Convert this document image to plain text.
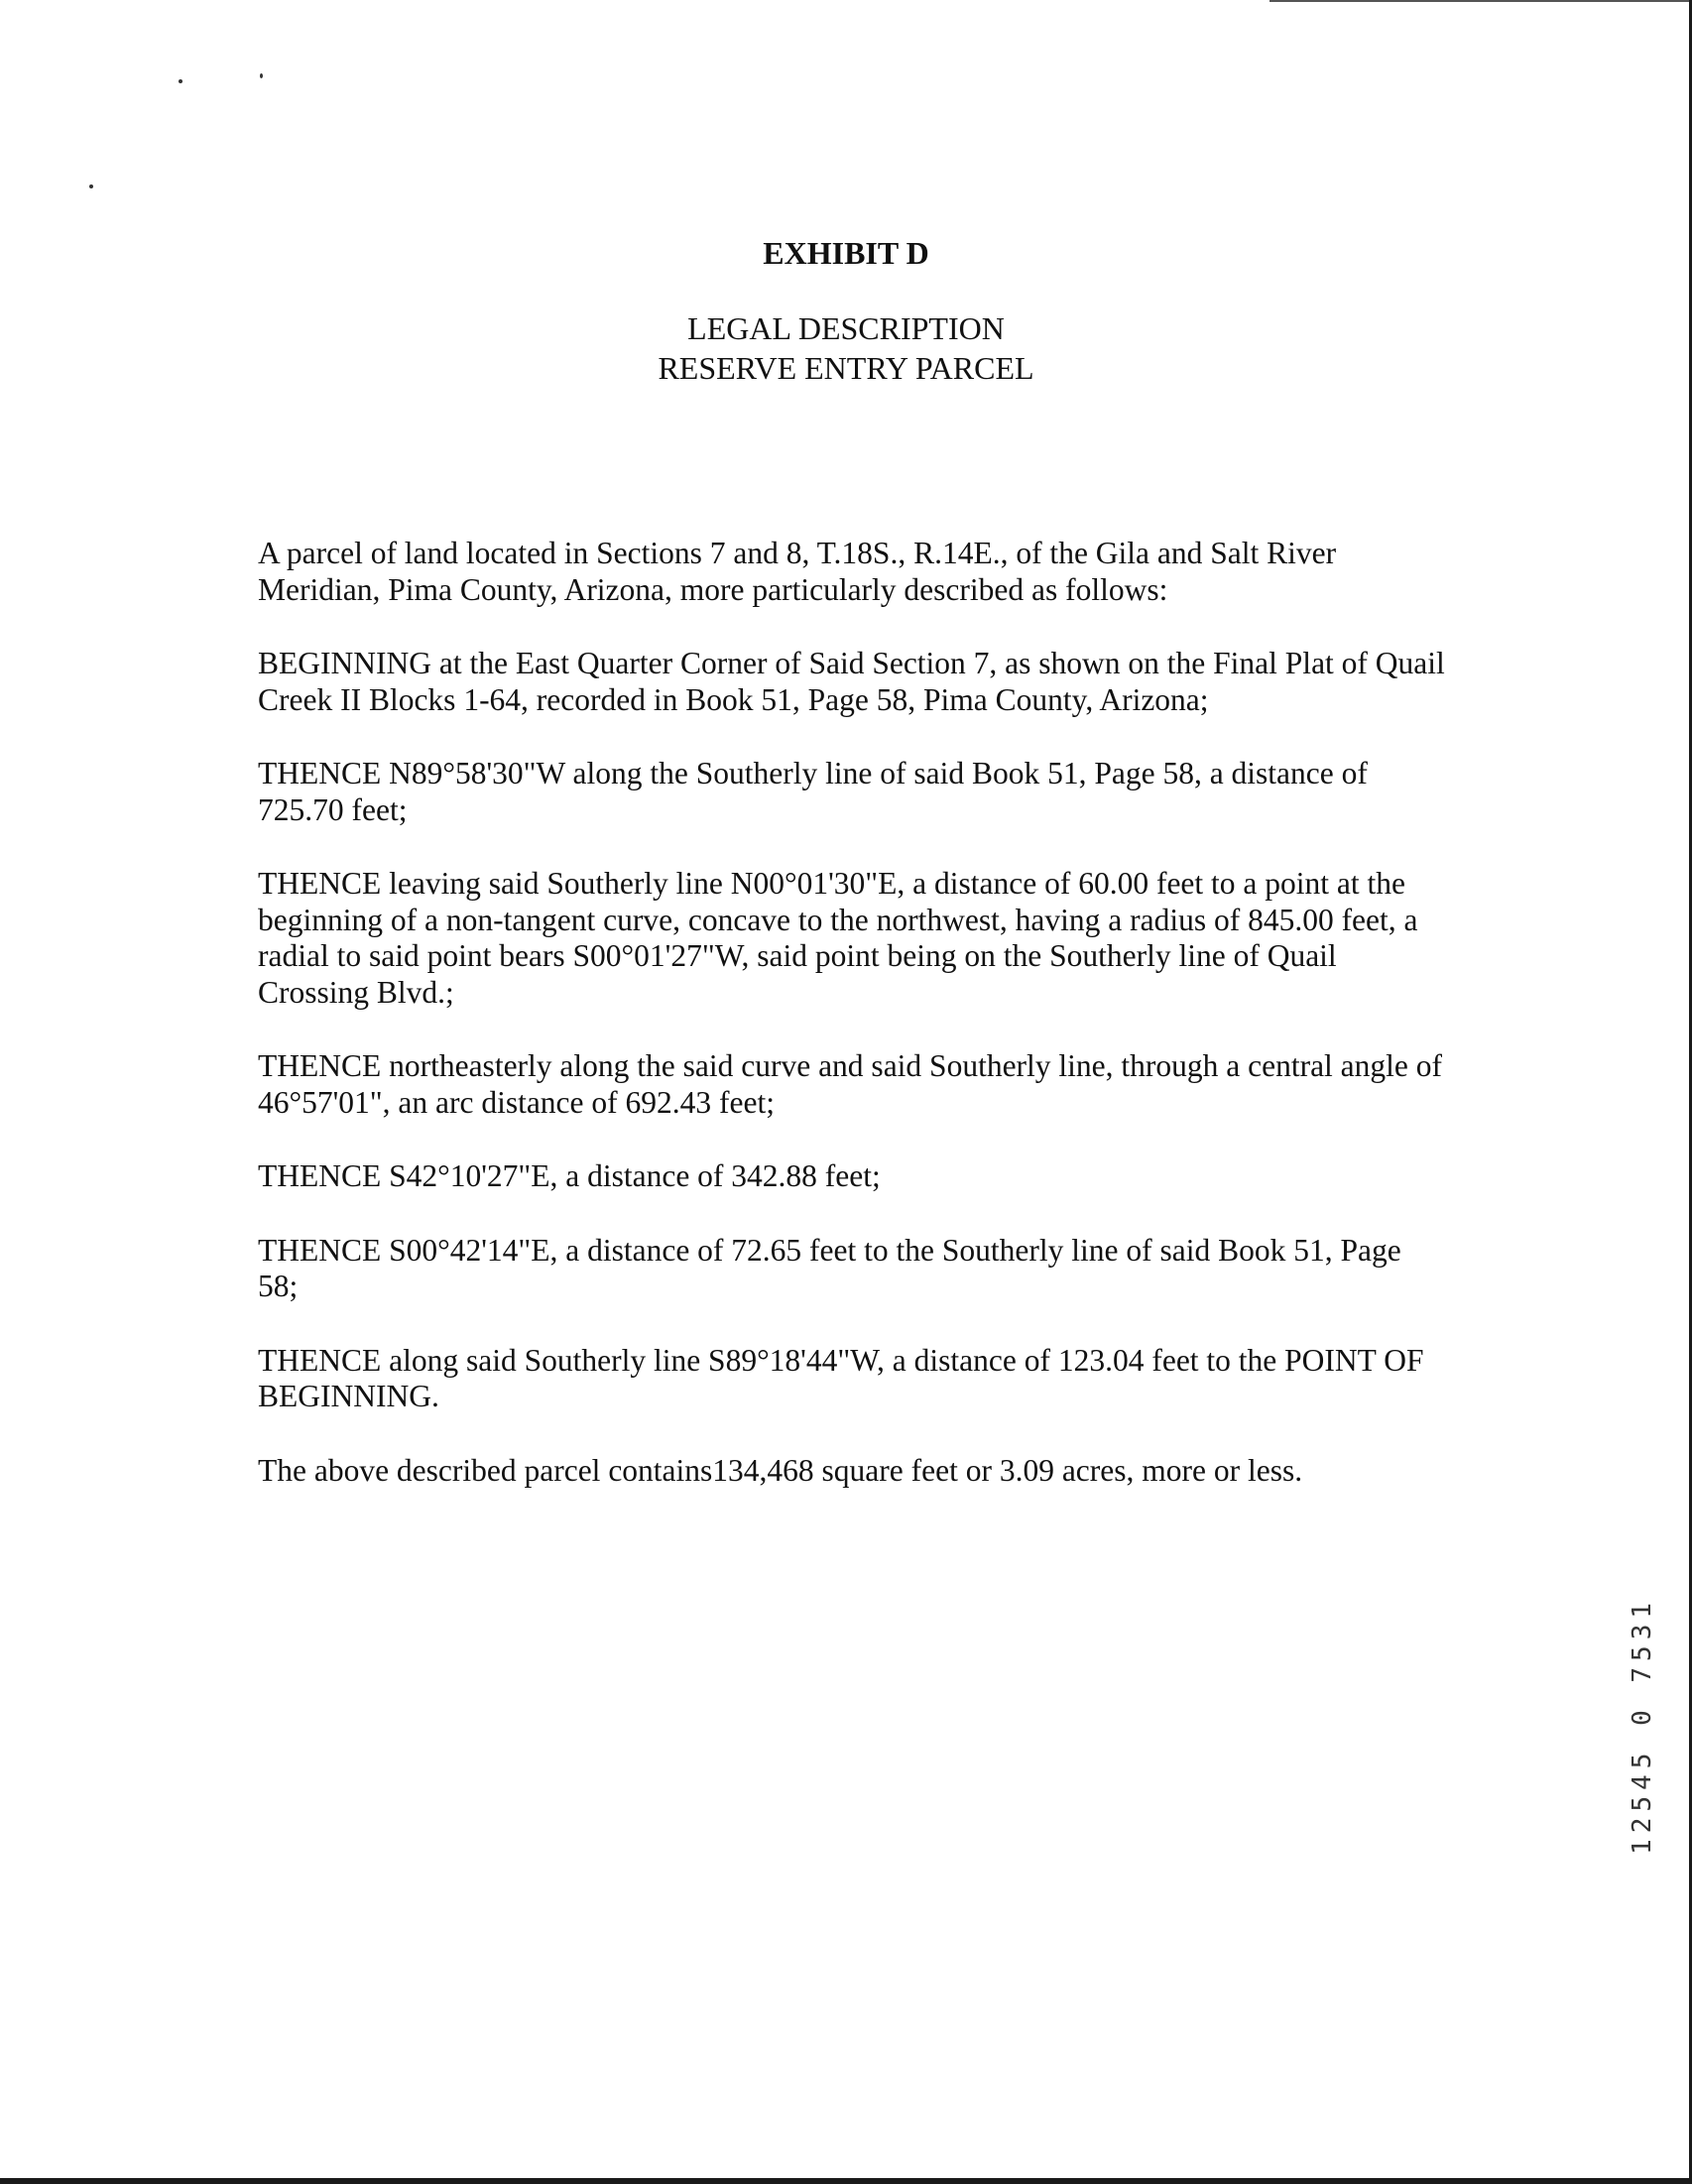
EXHIBIT D
LEGAL DESCRIPTION
RESERVE ENTRY PARCEL

A parcel of land located in Sections 7 and 8, T.18S., R.14E., of the Gila and Salt River Meridian, Pima County, Arizona, more particularly described as follows:

BEGINNING at the East Quarter Corner of Said Section 7, as shown on the Final Plat of Quail Creek II Blocks 1-64, recorded in Book 51, Page 58, Pima County, Arizona;

THENCE N89°58'30"W along the Southerly line of said Book 51, Page 58, a distance of 725.70 feet;

THENCE leaving said Southerly line N00°01'30"E, a distance of 60.00 feet to a point at the beginning of a non-tangent curve, concave to the northwest, having a radius of 845.00 feet, a radial to said point bears S00°01'27"W, said point being on the Southerly line of Quail Crossing Blvd.;

THENCE northeasterly along the said curve and said Southerly line, through a central angle of 46°57'01", an arc distance of 692.43 feet;

THENCE S42°10'27"E, a distance of 342.88 feet;

THENCE S00°42'14"E, a distance of 72.65 feet to the Southerly line of said Book 51, Page 58;

THENCE along said Southerly line S89°18'44"W, a distance of 123.04 feet to the POINT OF BEGINNING.

The above described parcel contains134,468 square feet or 3.09 acres, more or less.

12545 0 7531
